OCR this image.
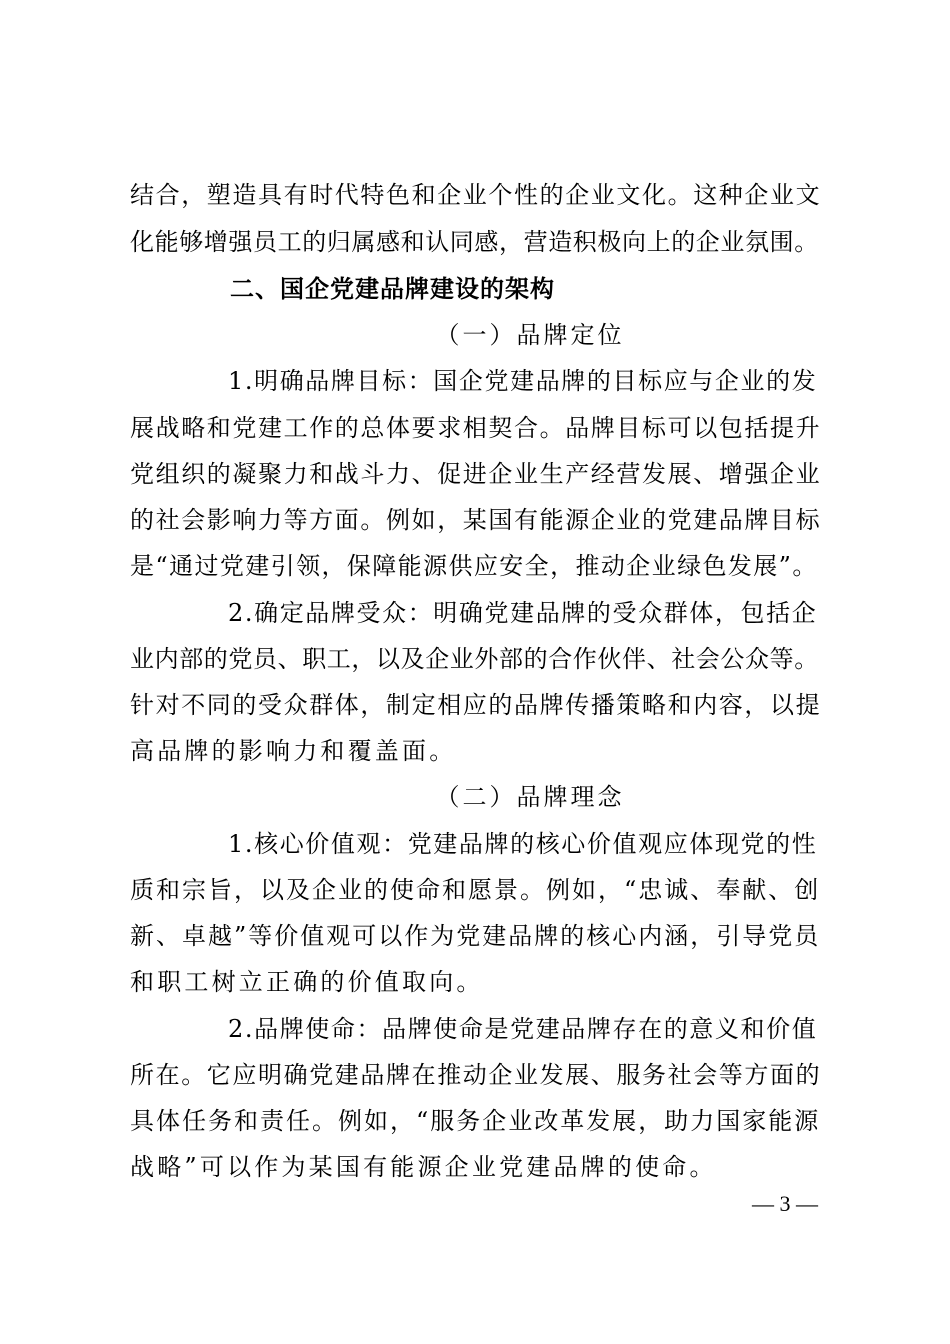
结合，塑造具有时代特色和企业个性的企业文化。这种企业文
化能够增强员工的归属感和认同感，营造积极向上的企业氛围。
二、国企党建品牌建设的架构
（一）品牌定位
1.明确品牌目标：国企党建品牌的目标应与企业的发
展战略和党建工作的总体要求相契合。品牌目标可以包括提升
党组织的凝聚力和战斗力、促进企业生产经营发展、增强企业
的社会影响力等方面。例如，某国有能源企业的党建品牌目标
是“通过党建引领，保障能源供应安全，推动企业绿色发展”。
2.确定品牌受众：明确党建品牌的受众群体，包括企
业内部的党员、职工，以及企业外部的合作伙伴、社会公众等。
针对不同的受众群体，制定相应的品牌传播策略和内容，以提
高品牌的影响力和覆盖面。
（二）品牌理念
1.核心价值观：党建品牌的核心价值观应体现党的性
质和宗旨，以及企业的使命和愿景。例如，“忠诚、奉献、创
新、卓越”等价值观可以作为党建品牌的核心内涵，引导党员
和职工树立正确的价值取向。
2.品牌使命：品牌使命是党建品牌存在的意义和价值
所在。它应明确党建品牌在推动企业发展、服务社会等方面的
具体任务和责任。例如，“服务企业改革发展，助力国家能源
战略”可以作为某国有能源企业党建品牌的使命。
— 3 —
